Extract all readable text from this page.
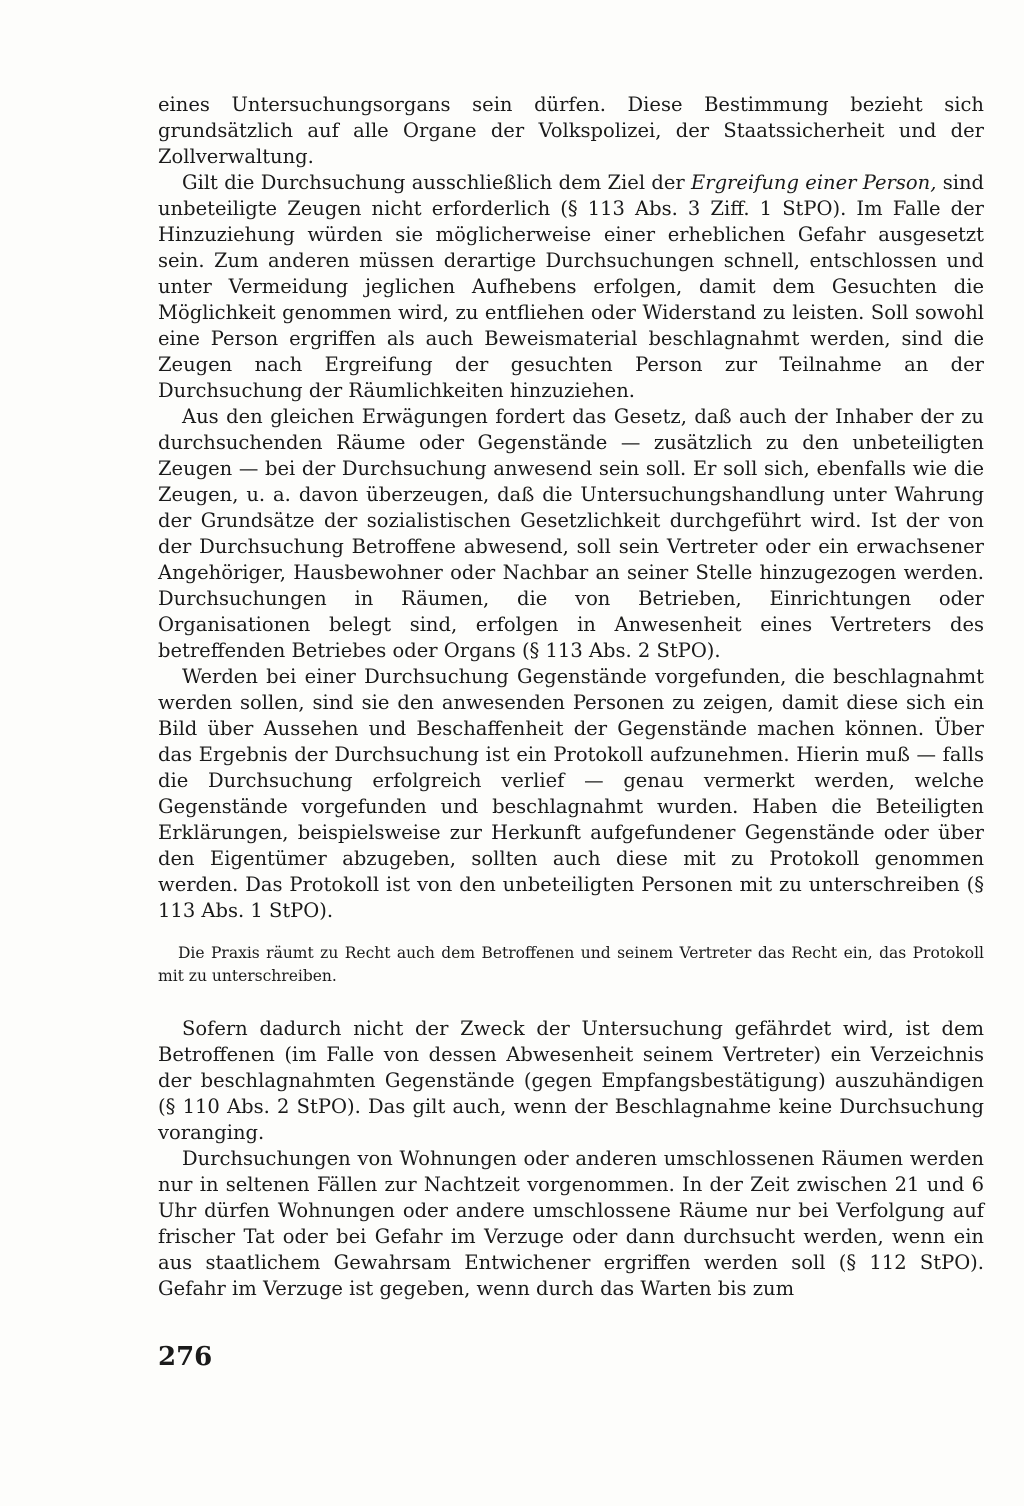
eines Untersuchungsorgans sein dürfen. Diese Bestimmung bezieht sich grundsätzlich auf alle Organe der Volkspolizei, der Staatssicherheit und der Zollverwaltung.

Gilt die Durchsuchung ausschließlich dem Ziel der Ergreifung einer Person, sind unbeteiligte Zeugen nicht erforderlich (§ 113 Abs. 3 Ziff. 1 StPO). Im Falle der Hinzuziehung würden sie möglicherweise einer erheblichen Gefahr ausgesetzt sein. Zum anderen müssen derartige Durchsuchungen schnell, entschlossen und unter Vermeidung jeglichen Aufhebens erfolgen, damit dem Gesuchten die Möglichkeit genommen wird, zu entfliehen oder Widerstand zu leisten. Soll sowohl eine Person ergriffen als auch Beweismaterial beschlagnahmt werden, sind die Zeugen nach Ergreifung der gesuchten Person zur Teilnahme an der Durchsuchung der Räumlichkeiten hinzuziehen.

Aus den gleichen Erwägungen fordert das Gesetz, daß auch der Inhaber der zu durchsuchenden Räume oder Gegenstände — zusätzlich zu den unbeteiligten Zeugen — bei der Durchsuchung anwesend sein soll. Er soll sich, ebenfalls wie die Zeugen, u. a. davon überzeugen, daß die Untersuchungshandlung unter Wahrung der Grundsätze der sozialistischen Gesetzlichkeit durchgeführt wird. Ist der von der Durchsuchung Betroffene abwesend, soll sein Vertreter oder ein erwachsener Angehöriger, Hausbewohner oder Nachbar an seiner Stelle hinzugezogen werden. Durchsuchungen in Räumen, die von Betrieben, Einrichtungen oder Organisationen belegt sind, erfolgen in Anwesenheit eines Vertreters des betreffenden Betriebes oder Organs (§ 113 Abs. 2 StPO).

Werden bei einer Durchsuchung Gegenstände vorgefunden, die beschlagnahmt werden sollen, sind sie den anwesenden Personen zu zeigen, damit diese sich ein Bild über Aussehen und Beschaffenheit der Gegenstände machen können. Über das Ergebnis der Durchsuchung ist ein Protokoll aufzunehmen. Hierin muß — falls die Durchsuchung erfolgreich verlief — genau vermerkt werden, welche Gegenstände vorgefunden und beschlagnahmt wurden. Haben die Beteiligten Erklärungen, beispielsweise zur Herkunft aufgefundener Gegenstände oder über den Eigentümer abzugeben, sollten auch diese mit zu Protokoll genommen werden. Das Protokoll ist von den unbeteiligten Personen mit zu unterschreiben (§ 113 Abs. 1 StPO).

Die Praxis räumt zu Recht auch dem Betroffenen und seinem Vertreter das Recht ein, das Protokoll mit zu unterschreiben.

Sofern dadurch nicht der Zweck der Untersuchung gefährdet wird, ist dem Betroffenen (im Falle von dessen Abwesenheit seinem Vertreter) ein Verzeichnis der beschlagnahmten Gegenstände (gegen Empfangsbestätigung) auszuhändigen (§ 110 Abs. 2 StPO). Das gilt auch, wenn der Beschlagnahme keine Durchsuchung voranging.

Durchsuchungen von Wohnungen oder anderen umschlossenen Räumen werden nur in seltenen Fällen zur Nachtzeit vorgenommen. In der Zeit zwischen 21 und 6 Uhr dürfen Wohnungen oder andere umschlossene Räume nur bei Verfolgung auf frischer Tat oder bei Gefahr im Verzuge oder dann durchsucht werden, wenn ein aus staatlichem Gewahrsam Entwichener ergriffen werden soll (§ 112 StPO). Gefahr im Verzuge ist gegeben, wenn durch das Warten bis zum

276
